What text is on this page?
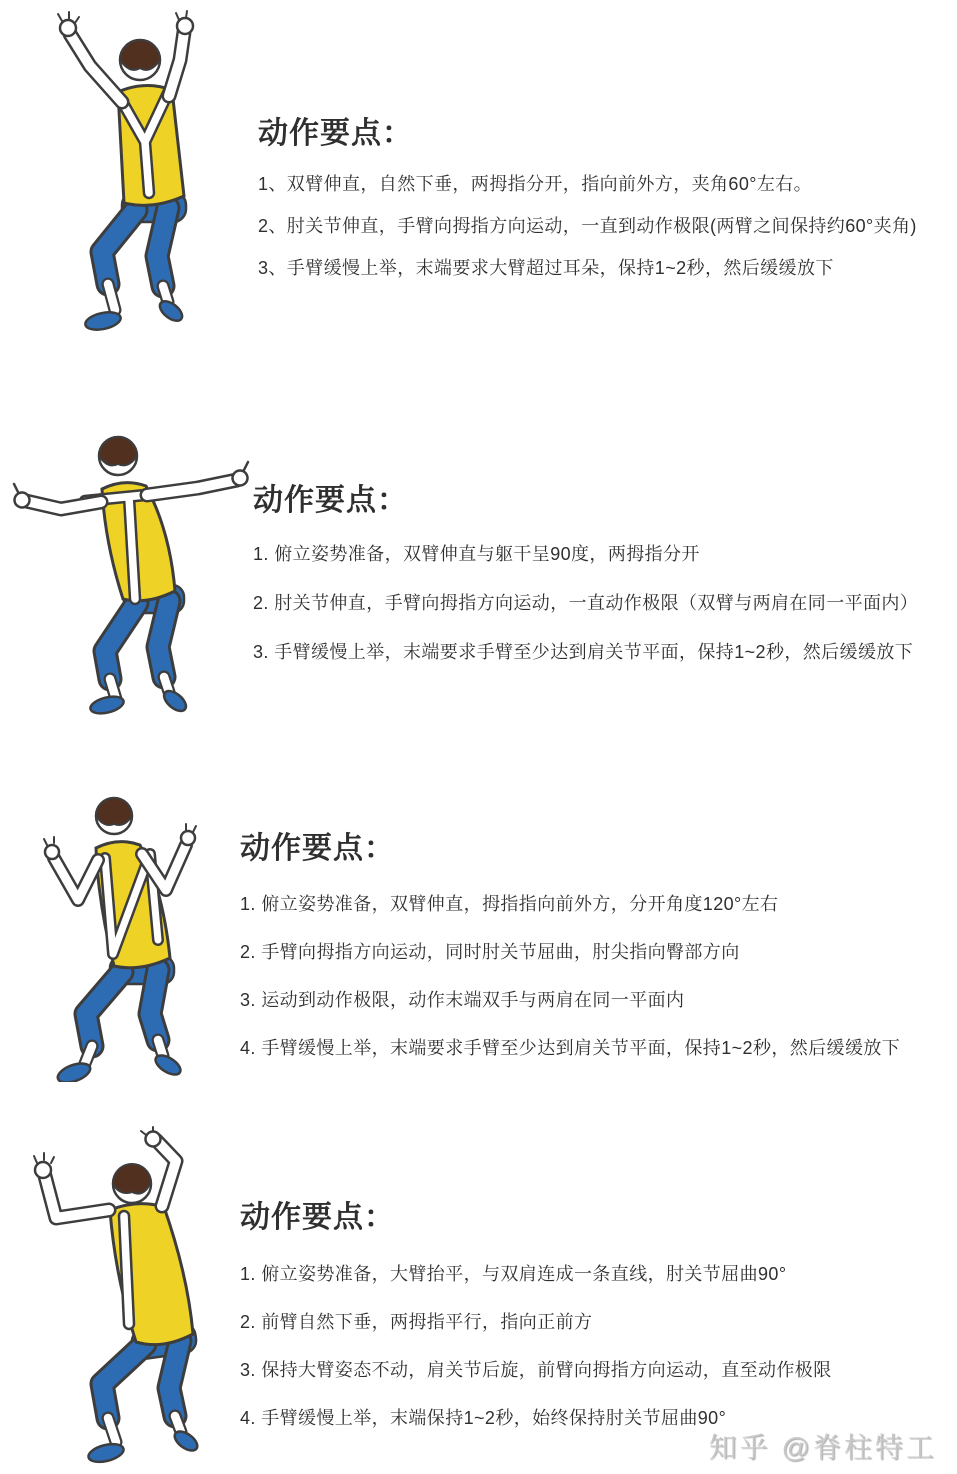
动作要点：
1、双臂伸直，自然下垂，两拇指分开，指向前外方，夹角60°左右。
2、肘关节伸直，手臂向拇指方向运动，一直到动作极限(两臂之间保持约60°夹角)
3、手臂缓慢上举，末端要求大臂超过耳朵，保持1~2秒，然后缓缓放下
动作要点：
1. 俯立姿势准备，双臂伸直与躯干呈90度，两拇指分开
2. 肘关节伸直，手臂向拇指方向运动，一直动作极限（双臂与两肩在同一平面内）
3. 手臂缓慢上举，末端要求手臂至少达到肩关节平面，保持1~2秒，然后缓缓放下
动作要点：
1. 俯立姿势准备，双臂伸直，拇指指向前外方，分开角度120°左右
2. 手臂向拇指方向运动，同时肘关节屈曲，肘尖指向臀部方向
3. 运动到动作极限，动作末端双手与两肩在同一平面内
4. 手臂缓慢上举，末端要求手臂至少达到肩关节平面，保持1~2秒，然后缓缓放下
动作要点：
1. 俯立姿势准备，大臂抬平，与双肩连成一条直线，肘关节屈曲90°
2. 前臂自然下垂，两拇指平行，指向正前方
3. 保持大臂姿态不动，肩关节后旋，前臂向拇指方向运动，直至动作极限
4. 手臂缓慢上举，末端保持1~2秒，始终保持肘关节屈曲90°
知乎 @脊柱特工
